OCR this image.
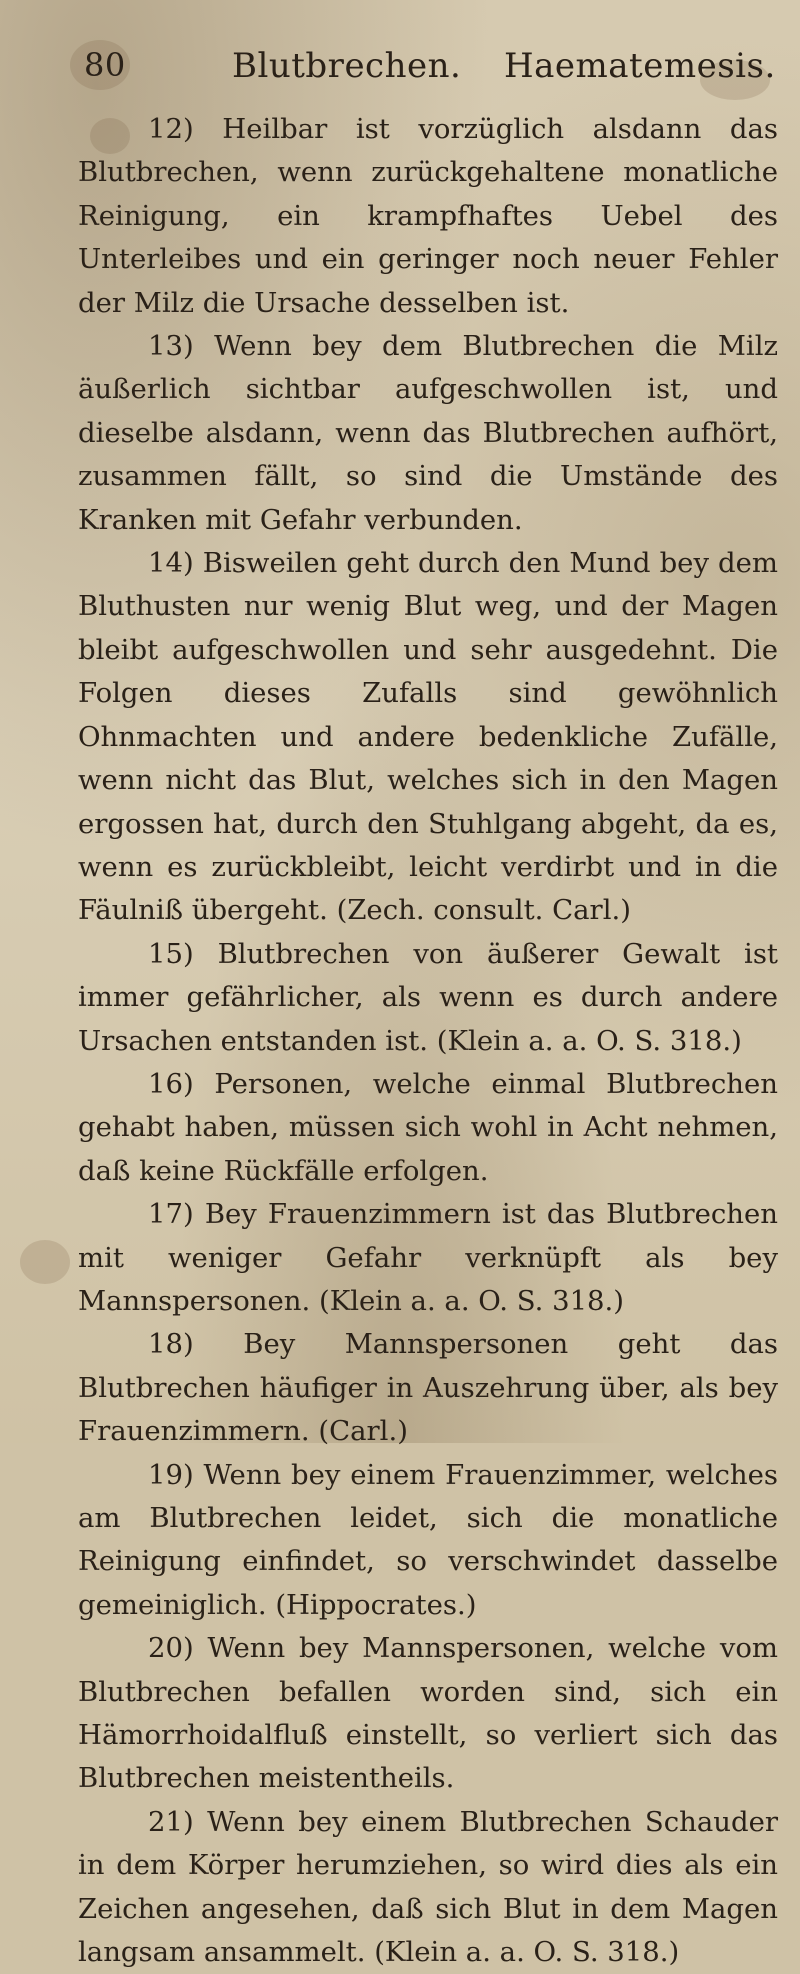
80	Blutbrechen. Haematemesis.

12) Heilbar ist vorzüglich alsdann das Blutbrechen, wenn zurückgehaltene monatliche Reinigung, ein krampfhaftes Uebel des Unterleibes und ein geringer noch neuer Fehler der Milz die Ursache desselben ist.

13) Wenn bey dem Blutbrechen die Milz äußerlich sichtbar aufgeschwollen ist, und dieselbe alsdann, wenn das Blutbrechen aufhört, zusammen fällt, so sind die Umstände des Kranken mit Gefahr verbunden.

14) Bisweilen geht durch den Mund bey dem Bluthusten nur wenig Blut weg, und der Magen bleibt aufgeschwollen und sehr ausgedehnt. Die Folgen dieses Zufalls sind gewöhnlich Ohnmachten und andere bedenkliche Zufälle, wenn nicht das Blut, welches sich in den Magen ergossen hat, durch den Stuhlgang abgeht, da es, wenn es zurückbleibt, leicht verdirbt und in die Fäulniß übergeht. (Zech. consult. Carl.)

15) Blutbrechen von äußerer Gewalt ist immer gefährlicher, als wenn es durch andere Ursachen entstanden ist. (Klein a. a. O. S. 318.)

16) Personen, welche einmal Blutbrechen gehabt haben, müssen sich wohl in Acht nehmen, daß keine Rückfälle erfolgen.

17) Bey Frauenzimmern ist das Blutbrechen mit weniger Gefahr verknüpft als bey Mannspersonen. (Klein a. a. O. S. 318.)

18) Bey Mannspersonen geht das Blutbrechen häufiger in Auszehrung über, als bey Frauenzimmern. (Carl.)

19) Wenn bey einem Frauenzimmer, welches am Blutbrechen leidet, sich die monatliche Reinigung einfindet, so verschwindet dasselbe gemeiniglich. (Hippocrates.)

20) Wenn bey Mannspersonen, welche vom Blutbrechen befallen worden sind, sich ein Hämorrhoidalfluß einstellt, so verliert sich das Blutbrechen meistentheils.

21) Wenn bey einem Blutbrechen Schauder in dem Körper herumziehen, so wird dies als ein Zeichen angesehen, daß sich Blut in dem Magen langsam ansammelt. (Klein a. a. O. S. 318.)
